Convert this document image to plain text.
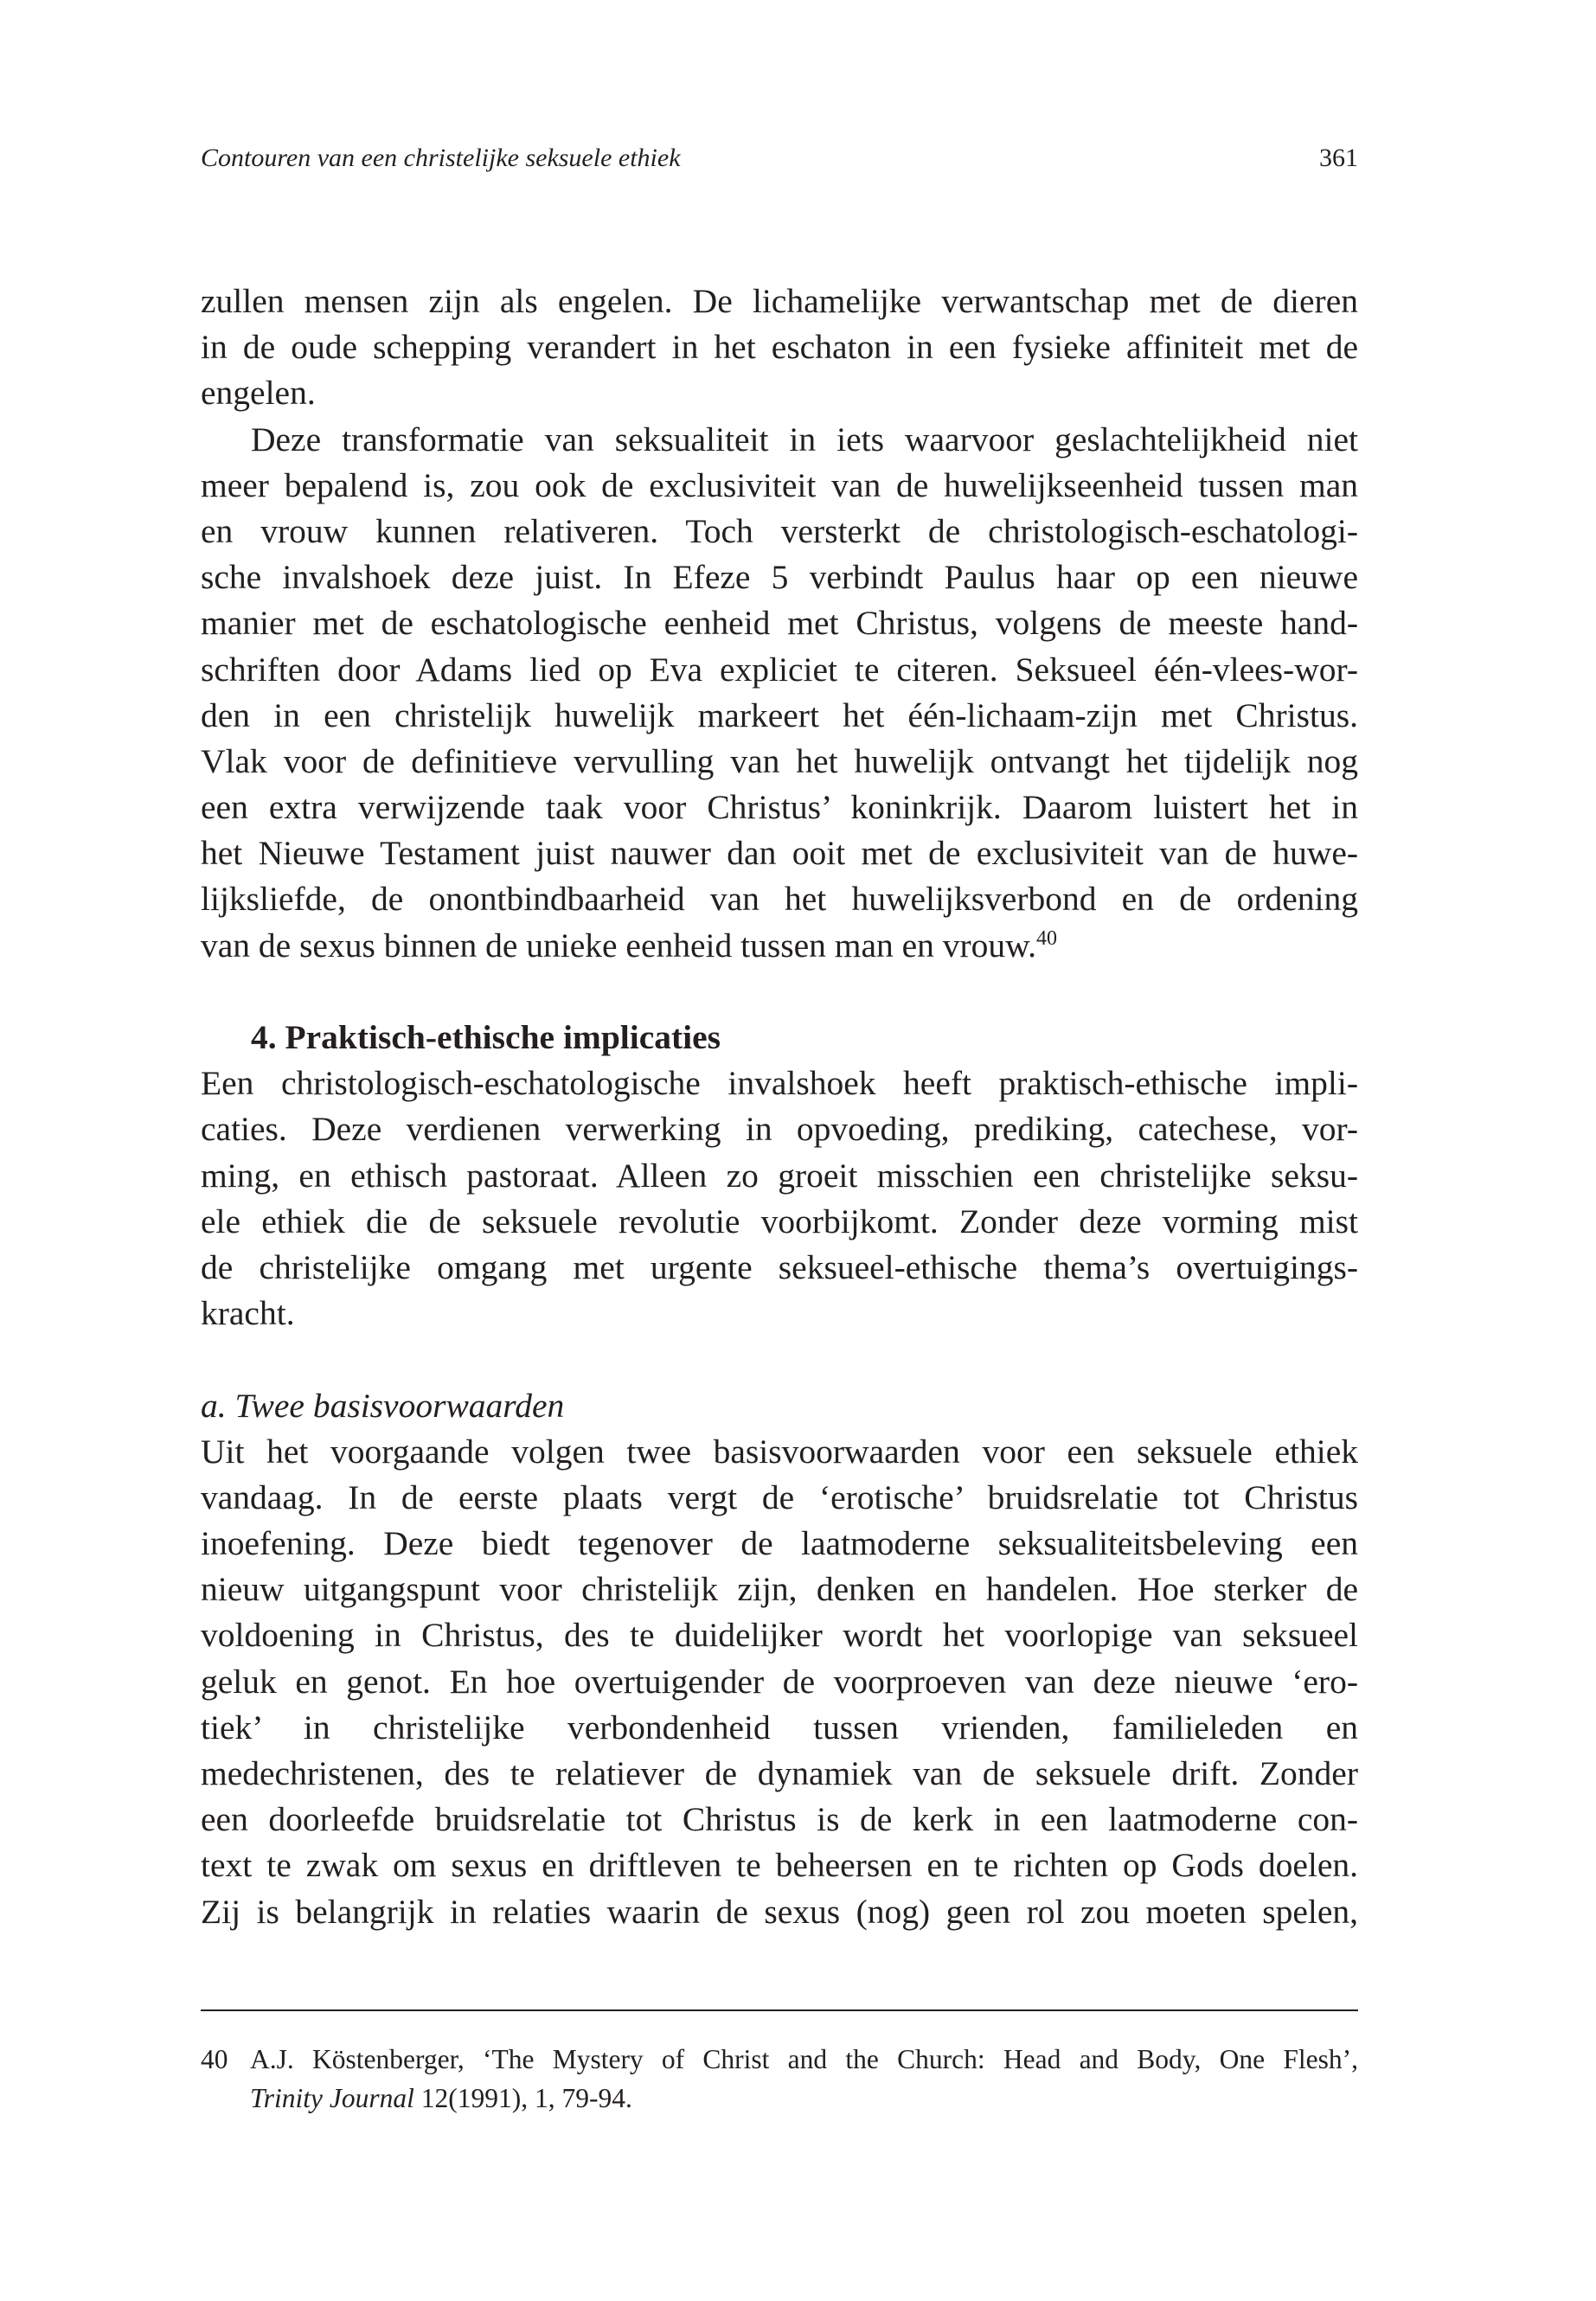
Contouren van een christelijke seksuele ethiek	361
zullen mensen zijn als engelen. De lichamelijke verwantschap met de dieren
in de oude schepping verandert in het eschaton in een fysieke affiniteit met de
engelen.
Deze transformatie van seksualiteit in iets waarvoor geslachtelijkheid niet
meer bepalend is, zou ook de exclusiviteit van de huwelijkseenheid tussen man
en vrouw kunnen relativeren. Toch versterkt de christologisch-eschatologi-
sche invalshoek deze juist. In Efeze 5 verbindt Paulus haar op een nieuwe
manier met de eschatologische eenheid met Christus, volgens de meeste hand-
schriften door Adams lied op Eva expliciet te citeren. Seksueel één-vlees-wor-
den in een christelijk huwelijk markeert het één-lichaam-zijn met Christus.
Vlak voor de definitieve vervulling van het huwelijk ontvangt het tijdelijk nog
een extra verwijzende taak voor Christus’ koninkrijk. Daarom luistert het in
het Nieuwe Testament juist nauwer dan ooit met de exclusiviteit van de huwe-
lijksliefde, de onontbindbaarheid van het huwelijksverbond en de ordening
van de sexus binnen de unieke eenheid tussen man en vrouw.$^{40}$
4. Praktisch-ethische implicaties
Een christologisch-eschatologische invalshoek heeft praktisch-ethische impli-
caties. Deze verdienen verwerking in opvoeding, prediking, catechese, vor-
ming, en ethisch pastoraat. Alleen zo groeit misschien een christelijke seksu-
ele ethiek die de seksuele revolutie voorbijkomt. Zonder deze vorming mist
de christelijke omgang met urgente seksueel-ethische thema’s overtuigings-
kracht.
a. Twee basisvoorwaarden
Uit het voorgaande volgen twee basisvoorwaarden voor een seksuele ethiek
vandaag. In de eerste plaats vergt de ‘erotische’ bruidsrelatie tot Christus
inoefening. Deze biedt tegenover de laatmoderne seksualiteitsbeleving een
nieuw uitgangspunt voor christelijk zijn, denken en handelen. Hoe sterker de
voldoening in Christus, des te duidelijker wordt het voorlopige van seksueel
geluk en genot. En hoe overtuigender de voorproeven van deze nieuwe ‘ero-
tiek’ in christelijke verbondenheid tussen vrienden, familieleden en
medechristenen, des te relatiever de dynamiek van de seksuele drift. Zonder
een doorleefde bruidsrelatie tot Christus is de kerk in een laatmoderne con-
text te zwak om sexus en driftleven te beheersen en te richten op Gods doelen.
Zij is belangrijk in relaties waarin de sexus (nog) geen rol zou moeten spelen,
40 A.J. Köstenberger, ‘The Mystery of Christ and the Church: Head and Body, One Flesh’,
Trinity Journal 12(1991), 1, 79-94.
